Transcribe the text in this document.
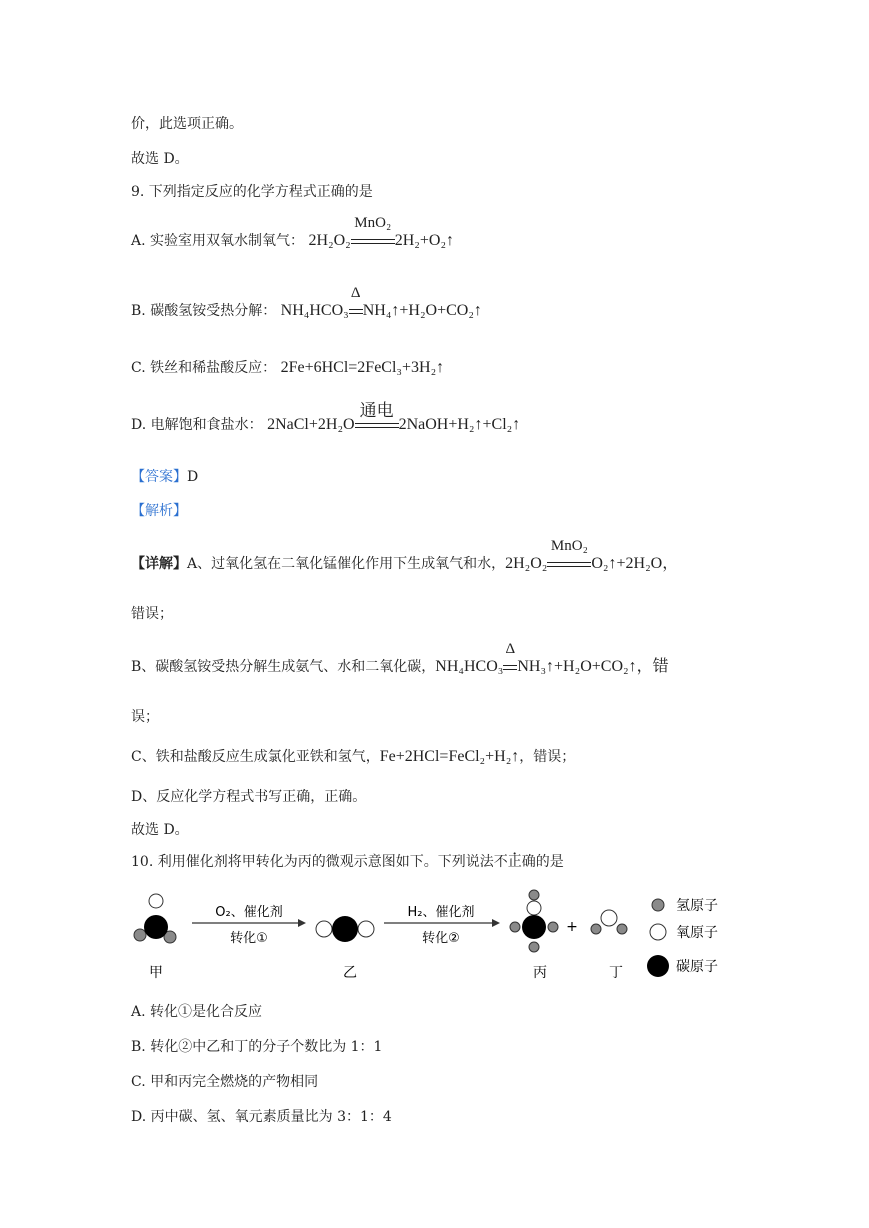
价，此选项正确。
故选 D。
9. 下列指定反应的化学方程式正确的是
A. 实验室用双氧水制氧气： 2H₂O₂
MnO₂
2H₂+O₂↑
B. 碳酸氢铵受热分解： NH₄HCO₃
Δ
NH₄↑+H₂O+CO₂↑
C. 铁丝和稀盐酸反应： 2Fe+6HCl=2FeCl₃+3H₂↑
D. 电解饱和食盐水： 2NaCl+2H₂O
通电
2NaOH+H₂↑+Cl₂↑
【答案】D
【解析】
【详解】A、过氧化氢在二氧化锰催化作用下生成氧气和水，2H₂O₂
MnO₂
O₂↑+2H₂O，
错误；
B、碳酸氢铵受热分解生成氨气、水和二氧化碳，NH₄HCO₃
Δ
NH₃↑+H₂O+CO₂↑，错
误；
C、铁和盐酸反应生成氯化亚铁和氢气，Fe+2HCl=FeCl₂+H₂↑，错误；
D、反应化学方程式书写正确，正确。
故选 D。
10. 利用催化剂将甲转化为丙的微观示意图如下。下列说法不正确的是
甲
O₂、催化剂
转化①
乙
H₂、催化剂
转化②
丙
+
丁
氢原子
氧原子
碳原子
A. 转化①是化合反应
B. 转化②中乙和丁的分子个数比为 1：1
C. 甲和丙完全燃烧的产物相同
D. 丙中碳、氢、氧元素质量比为 3：1：4
